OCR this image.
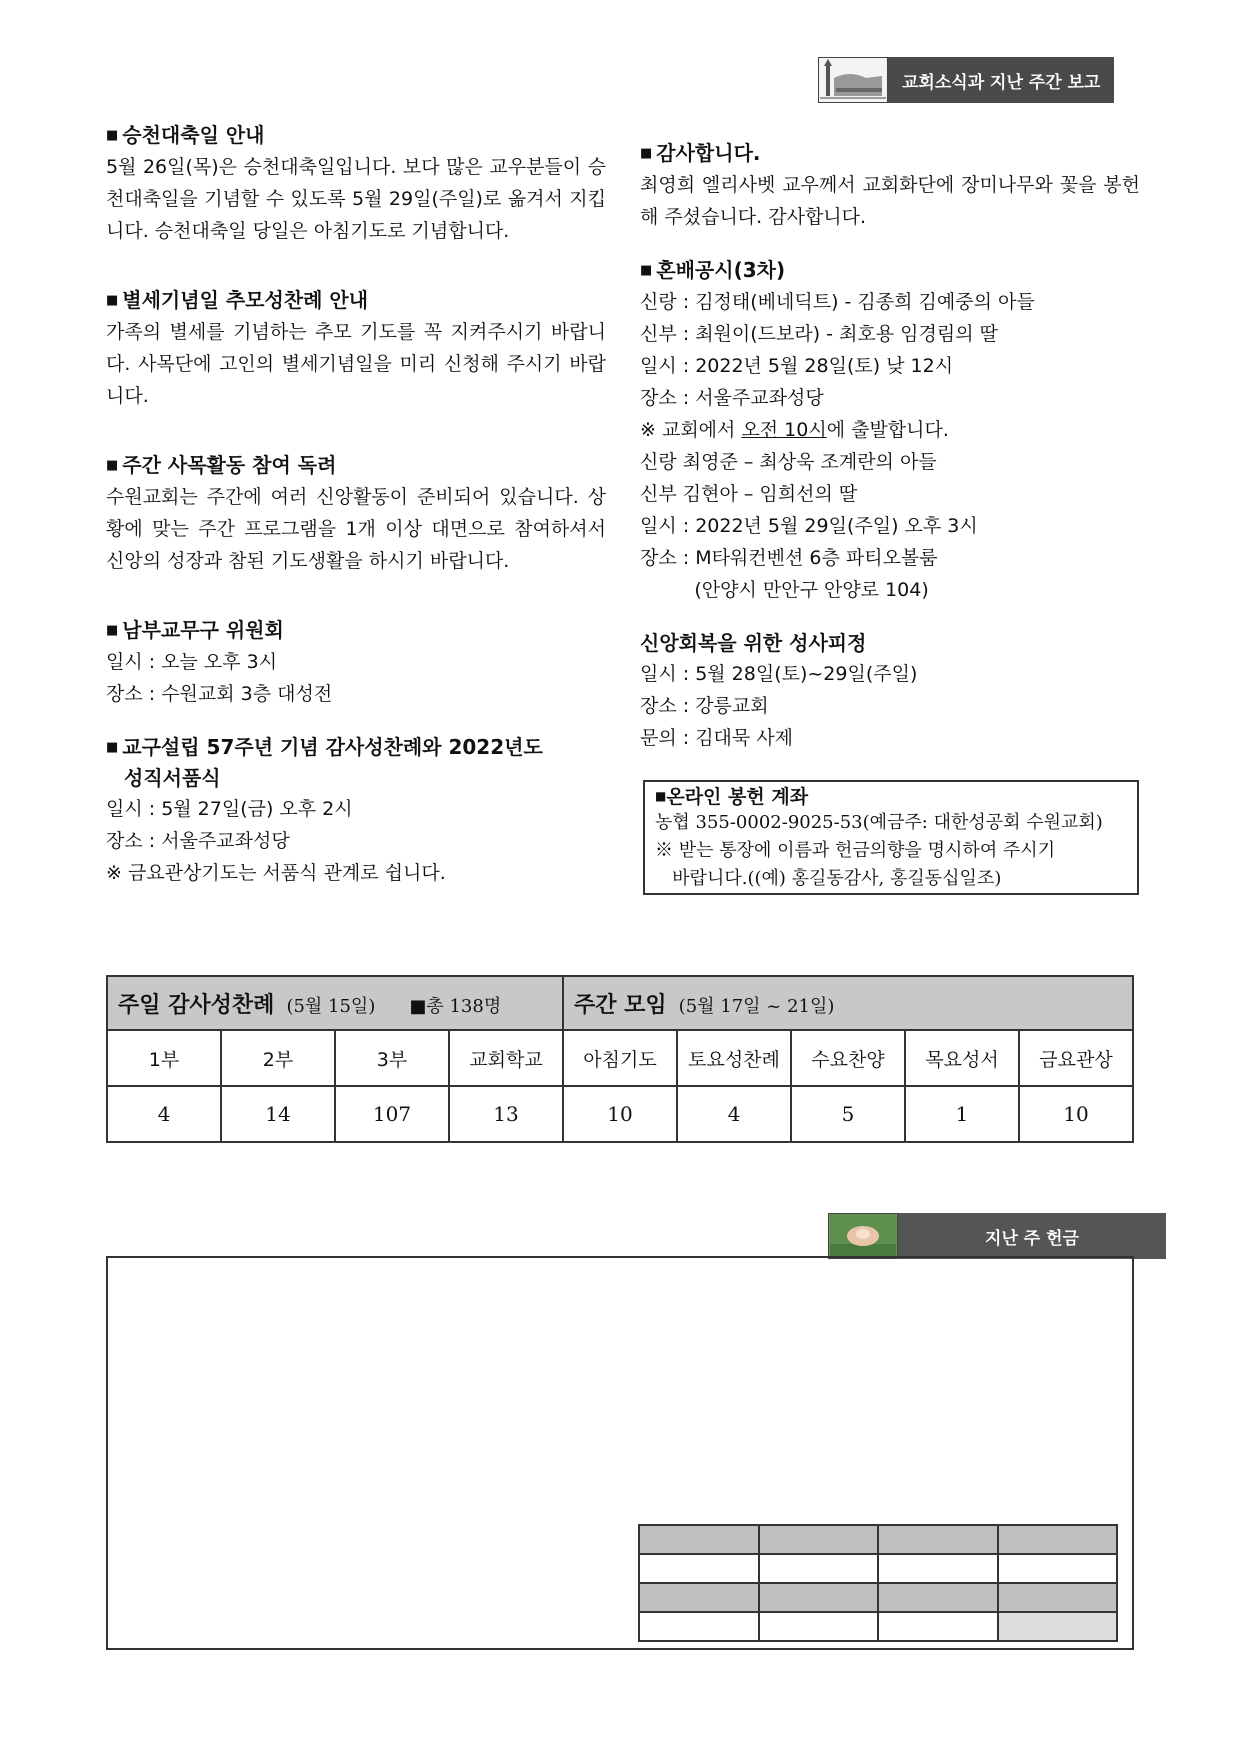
교회소식과 지난 주간 보고
■ 승천대축일 안내
5월 26일(목)은 승천대축일입니다. 보다 많은 교우분들이 승천대축일을 기념할 수 있도록 5월 29일(주일)로 옮겨서 지킵니다. 승천대축일 당일은 아침기도로 기념합니다.
■ 별세기념일 추모성찬례 안내
가족의 별세를 기념하는 추모 기도를 꼭 지켜주시기 바랍니다. 사목단에 고인의 별세기념일을 미리 신청해 주시기 바랍니다.
■ 주간 사목활동 참여 독려
수원교회는 주간에 여러 신앙활동이 준비되어 있습니다. 상황에 맞는 주간 프로그램을 1개 이상 대면으로 참여하셔서 신앙의 성장과 참된 기도생활을 하시기 바랍니다.
■ 남부교무구 위원회
일시 : 오늘 오후 3시
장소 : 수원교회 3층 대성전
■ 교구설립 57주년 기념 감사성찬례와 2022년도
성직서품식
일시 : 5월 27일(금) 오후 2시
장소 : 서울주교좌성당
※ 금요관상기도는 서품식 관계로 쉽니다.
■ 감사합니다.
최영희 엘리사벳 교우께서 교회화단에 장미나무와 꽃을 봉헌해 주셨습니다. 감사합니다.
■ 혼배공시(3차)
신랑 : 김정태(베네딕트) - 김종희 김예중의 아들
신부 : 최원이(드보라) - 최호용 임경림의 딸
일시 : 2022년 5월 28일(토) 낮 12시
장소 : 서울주교좌성당
※ 교회에서 오전 10시에 출발합니다.
신랑 최영준 – 최상욱 조계란의 아들
신부 김현아 – 임희선의 딸
일시 : 2022년 5월 29일(주일) 오후 3시
장소 : M타워컨벤션 6층 파티오볼룸
(안양시 만안구 안양로 104)
신앙회복을 위한 성사피정
일시 : 5월 28일(토)~29일(주일)
장소 : 강릉교회
문의 : 김대묵 사제
■온라인 봉헌 계좌
농협 355-0002-9025-53(예금주: 대한성공회 수원교회)
※ 받는 통장에 이름과 헌금의향을 명시하여 주시기
바랍니다.((예) 홍길동감사, 홍길동십일조)
주일 감사성찬례 (5월 15일) ■총 138명				주간 모임 (5월 17일 ~ 21일)				
1부	2부	3부	교회학교	아침기도	토요성찬례	수요찬양	목요성서	금요관상
4	14	107	13	10	4	5	1	10
지난 주 헌금
